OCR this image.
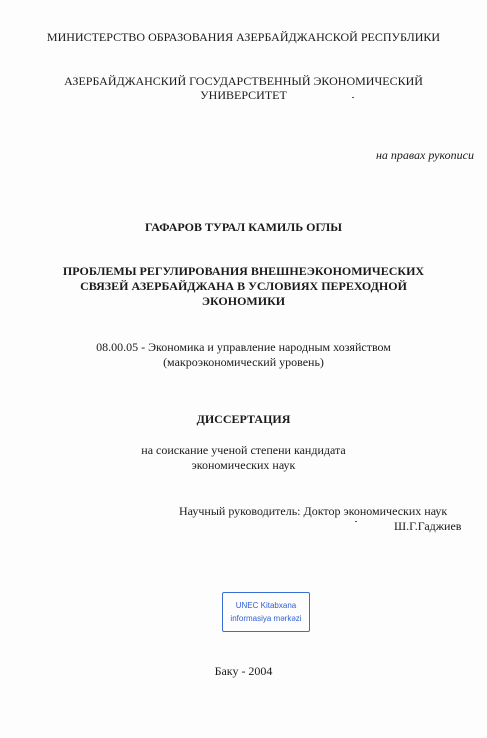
МИНИСТЕРСТВО ОБРАЗОВАНИЯ АЗЕРБАЙДЖАНСКОЙ РЕСПУБЛИКИ
АЗЕРБАЙДЖАНСКИЙ ГОСУДАРСТВЕННЫЙ ЭКОНОМИЧЕСКИЙ
УНИВЕРСИТЕТ
на правах рукописи
ГАФАРОВ ТУРАЛ КАМИЛЬ ОГЛЫ
ПРОБЛЕМЫ РЕГУЛИРОВАНИЯ ВНЕШНЕЭКОНОМИЧЕСКИХ
СВЯЗЕЙ АЗЕРБАЙДЖАНА В УСЛОВИЯХ ПЕРЕХОДНОЙ
ЭКОНОМИКИ
08.00.05 - Экономика и управление народным хозяйством
(макроэкономический уровень)
ДИССЕРТАЦИЯ
на соискание ученой степени кандидата
экономических наук
Научный руководитель: Доктор экономических наук
Ш.Г.Гаджиев
UNEC Kitabxana
informasiya mərkəzi
Баку - 2004
